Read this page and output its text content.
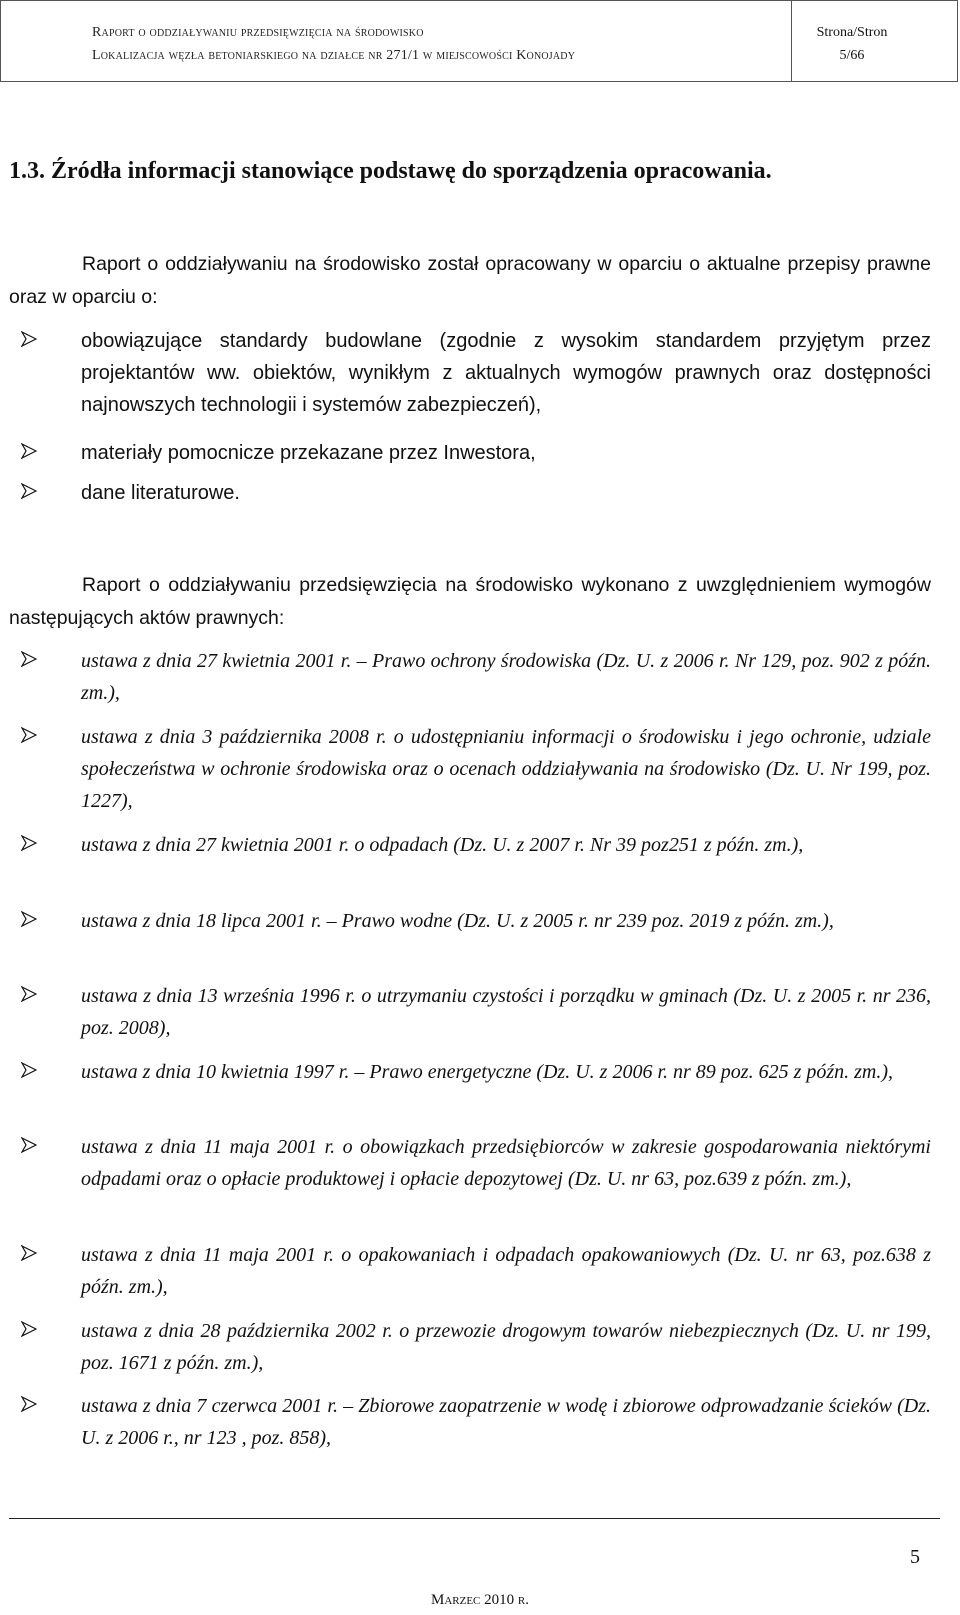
Raport o oddziaływaniu przedsięwzięcia na środowisko
Lokalizacja węzła betoniarskiego na działce nr 271/1 w miejscowości Konojady
Strona/Stron
5/66
1.3. Źródła informacji stanowiące podstawę do sporządzenia opracowania.

Raport o oddziaływaniu na środowisko został opracowany w oparciu o aktualne przepisy prawne oraz w oparciu o:

obowiązujące standardy budowlane (zgodnie z wysokim standardem przyjętym przez projektantów ww. obiektów, wynikłym z aktualnych wymogów prawnych oraz dostępności najnowszych technologii i systemów zabezpieczeń),
materiały pomocnicze przekazane przez Inwestora,
dane literaturowe.

Raport o oddziaływaniu przedsięwzięcia na środowisko wykonano z uwzględnieniem wymogów następujących aktów prawnych:

ustawa z dnia 27 kwietnia 2001 r. – Prawo ochrony środowiska (Dz. U. z 2006 r. Nr 129, poz. 902 z późn. zm.),
ustawa z dnia 3 października 2008 r. o udostępnianiu informacji o środowisku i jego ochronie, udziale społeczeństwa w ochronie środowiska oraz o ocenach oddziaływania na środowisko (Dz. U. Nr 199, poz. 1227),
ustawa z dnia 27 kwietnia 2001 r. o odpadach (Dz. U. z 2007 r. Nr 39 poz251 z późn. zm.),
ustawa z dnia 18 lipca 2001 r. – Prawo wodne (Dz. U. z 2005 r. nr 239 poz. 2019 z późn. zm.),
ustawa z dnia 13 września 1996 r. o utrzymaniu czystości i porządku w gminach (Dz. U. z 2005 r. nr 236, poz. 2008),
ustawa z dnia 10 kwietnia 1997 r. – Prawo energetyczne (Dz. U. z 2006 r. nr 89 poz. 625 z późn. zm.),
ustawa z dnia 11 maja 2001 r. o obowiązkach przedsiębiorców w zakresie gospodarowania niektórymi odpadami oraz o opłacie produktowej i opłacie depozytowej (Dz. U. nr 63, poz.639 z późn. zm.),
ustawa z dnia 11 maja 2001 r. o opakowaniach i odpadach opakowaniowych (Dz. U. nr 63, poz.638 z późn. zm.),
ustawa z dnia 28 października 2002 r. o przewozie drogowym towarów niebezpiecznych (Dz. U. nr 199, poz. 1671 z późn. zm.),
ustawa z dnia 7 czerwca 2001 r. – Zbiorowe zaopatrzenie w wodę i zbiorowe odprowadzanie ścieków (Dz. U. z 2006 r., nr 123 , poz. 858),
5
Marzec 2010 r.
